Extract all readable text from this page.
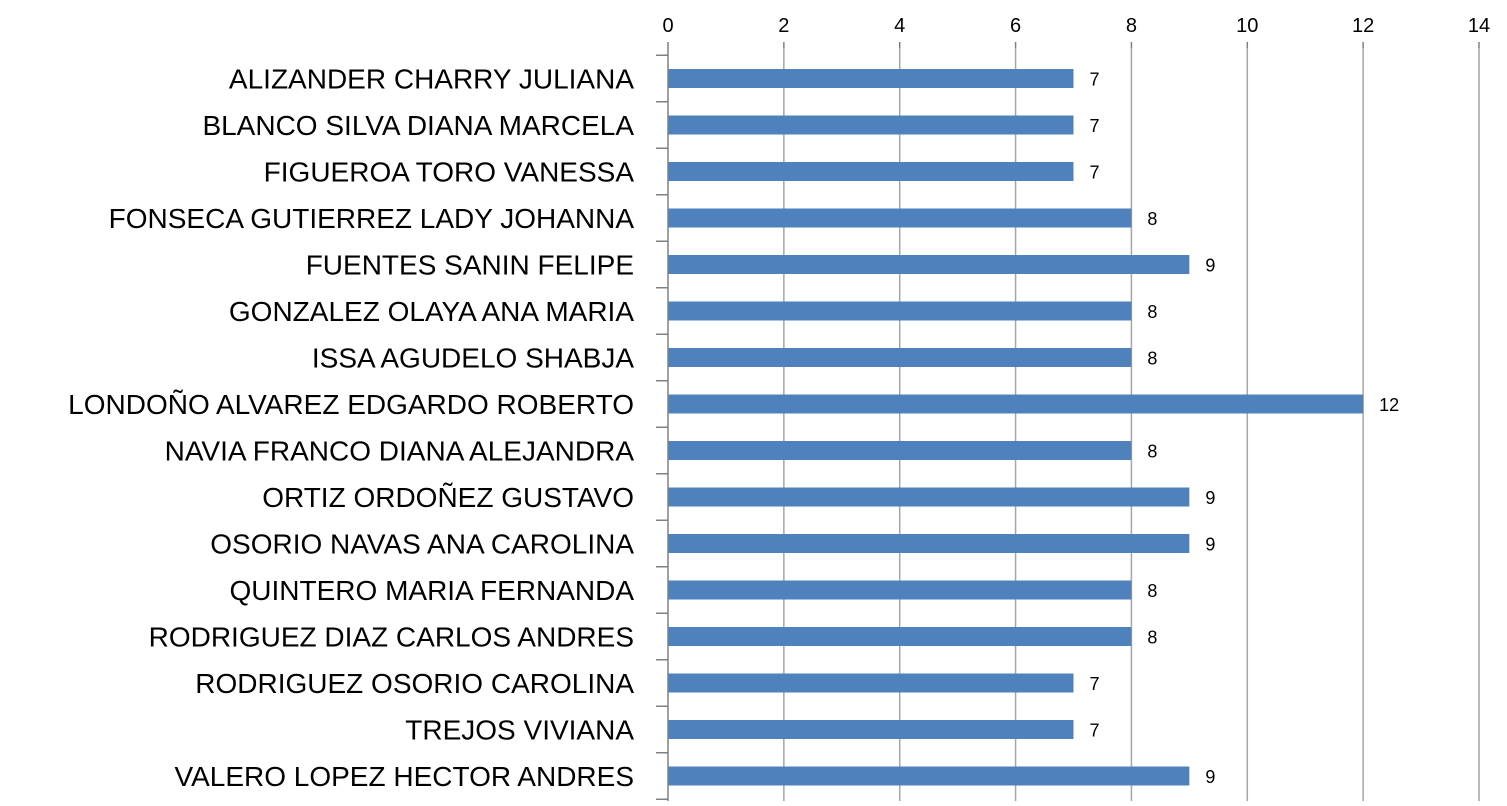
0	2	4	6	8	10	12	14
ALIZANDER CHARRY JULIANA
BLANCO SILVA DIANA MARCELA
FIGUEROA TORO VANESSA
FONSECA GUTIERREZ LADY JOHANNA
FUENTES SANIN FELIPE
GONZALEZ OLAYA ANA MARIA
ISSA AGUDELO SHABJA
LONDOÑO ALVAREZ EDGARDO ROBERTO
NAVIA FRANCO DIANA ALEJANDRA
ORTIZ ORDOÑEZ GUSTAVO
OSORIO NAVAS ANA CAROLINA
QUINTERO MARIA FERNANDA
RODRIGUEZ DIAZ CARLOS ANDRES
RODRIGUEZ OSORIO CAROLINA
TREJOS VIVIANA
VALERO LOPEZ HECTOR ANDRES
7
7
7
8
9
8
8
12
8
9
9
8
8
7
7
9
